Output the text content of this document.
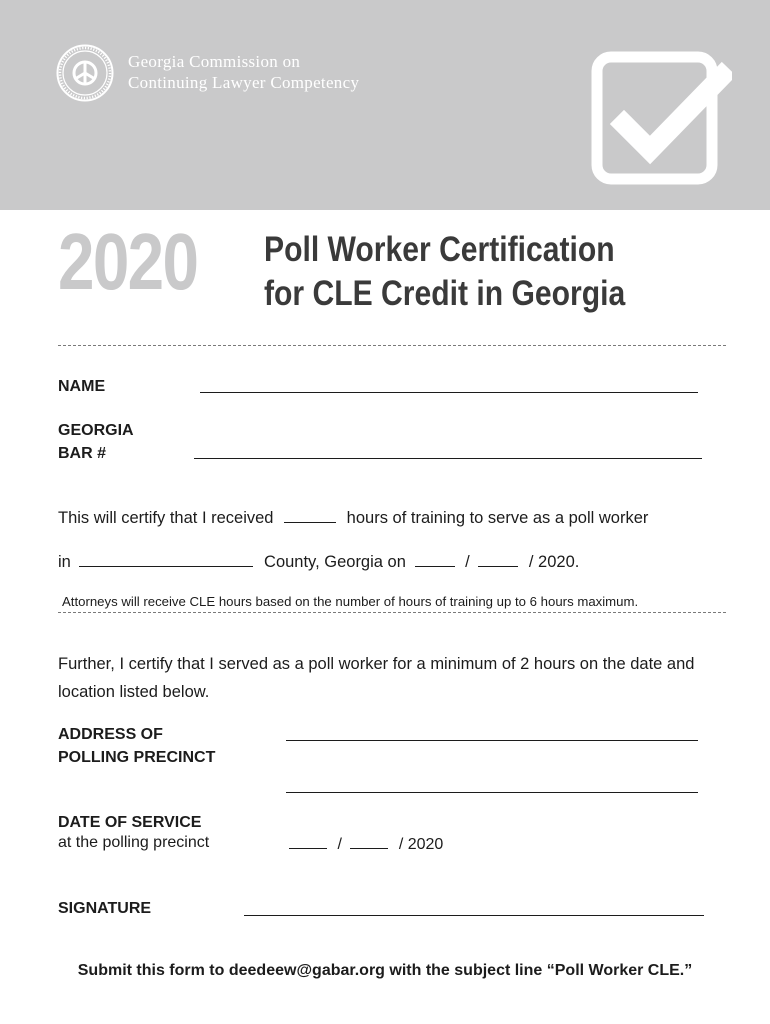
Georgia Commission on
Continuing Lawyer Competency
2020 Poll Worker Certification
for CLE Credit in Georgia
NAME
GEORGIA
BAR #
This will certify that I received	hours of training to serve as a poll worker
in	County, Georgia on	/	/ 2020.
Attorneys will receive CLE hours based on the number of hours of training up to 6 hours maximum.
Further, I certify that I served as a poll worker for a minimum of 2 hours on the date and location listed below.
ADDRESS OF
POLLING PRECINCT
DATE OF SERVICE
at the polling precinct	/	/ 2020
SIGNATURE
Submit this form to deedeew@gabar.org with the subject line “Poll Worker CLE.”
